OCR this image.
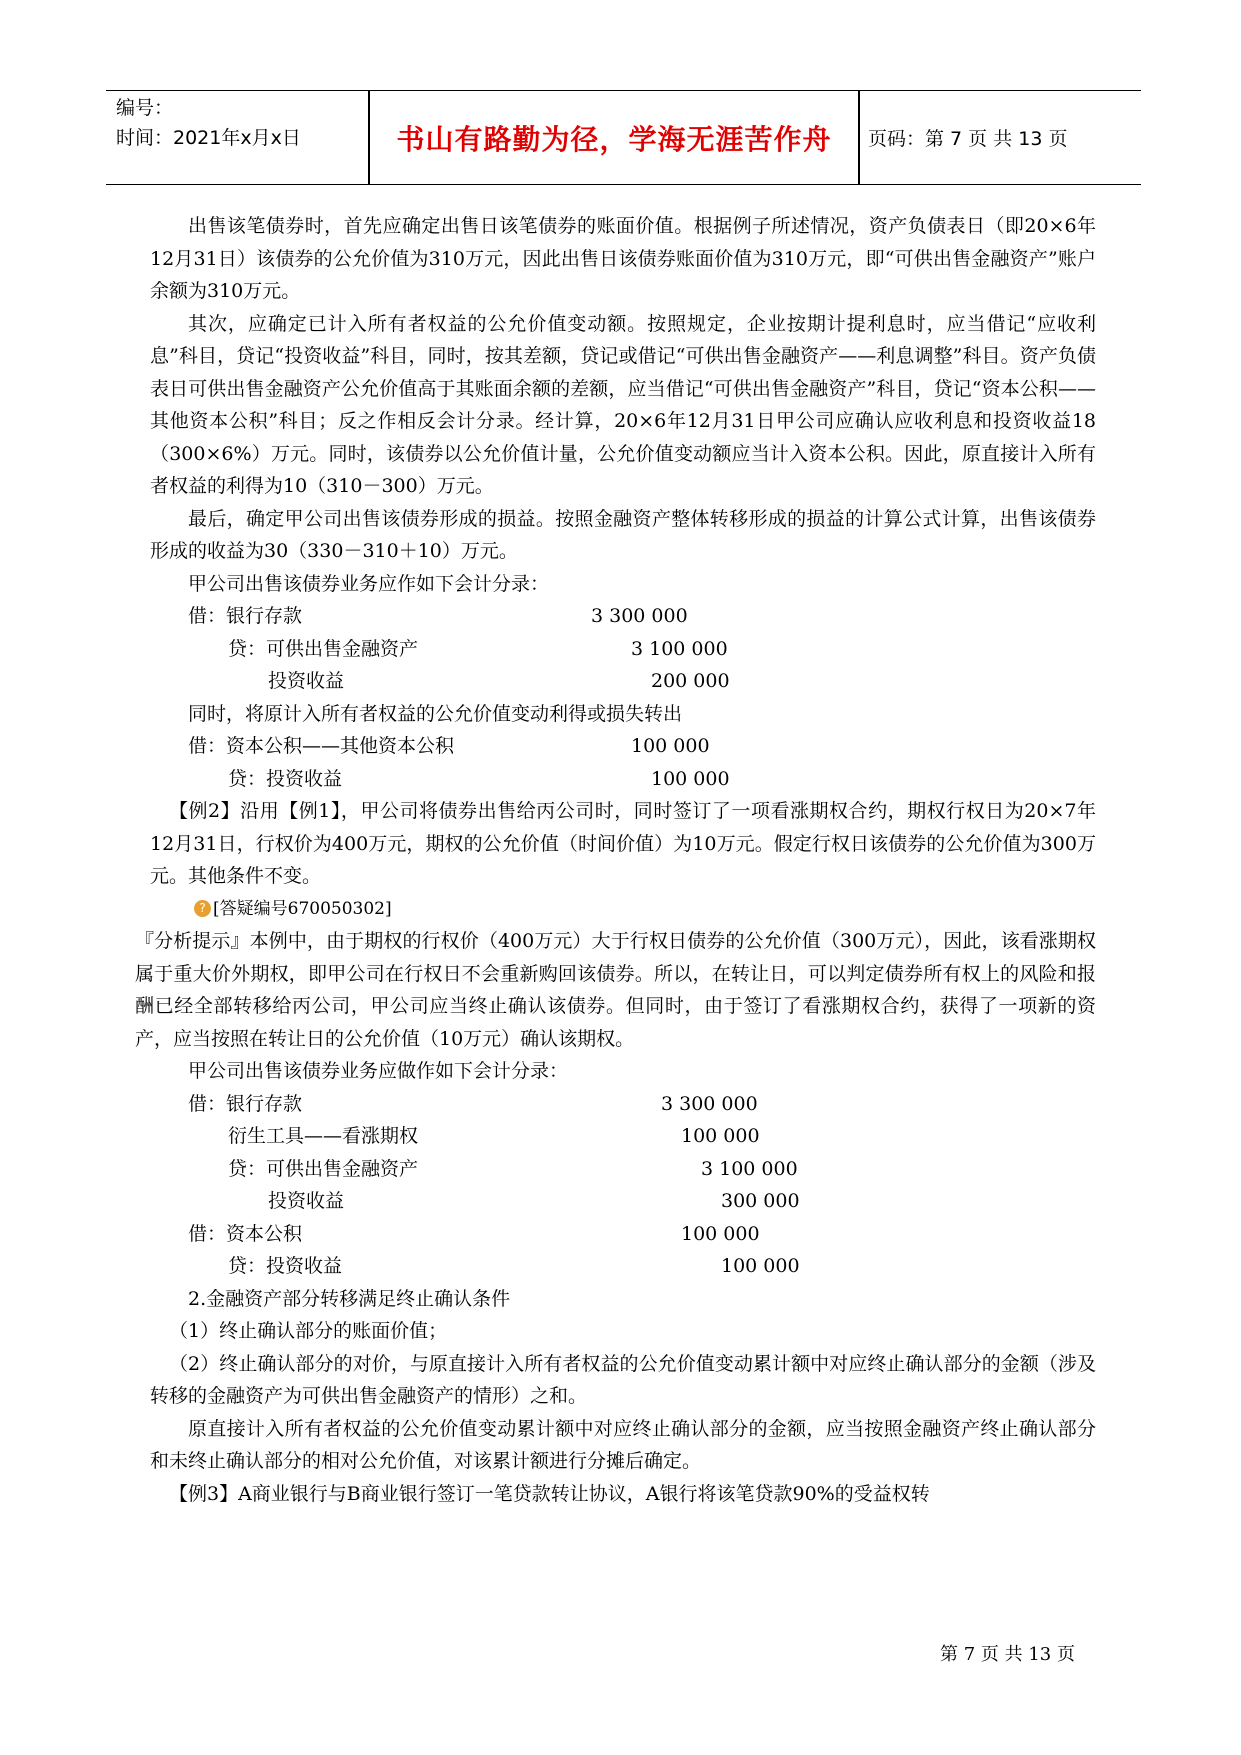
编号：
时间：2021年x月x日	书山有路勤为径，学海无涯苦作舟	页码：第 7 页 共 13 页

出售该笔债券时，首先应确定出售日该笔债券的账面价值。根据例子所述情况，资产负债表日（即20×6年12月31日）该债券的公允价值为310万元，因此出售日该债券账面价值为310万元，即“可供出售金融资产”账户余额为310万元。

其次，应确定已计入所有者权益的公允价值变动额。按照规定，企业按期计提利息时，应当借记“应收利息”科目，贷记“投资收益”科目，同时，按其差额，贷记或借记“可供出售金融资产——利息调整”科目。资产负债表日可供出售金融资产公允价值高于其账面余额的差额，应当借记“可供出售金融资产”科目，贷记“资本公积——其他资本公积”科目；反之作相反会计分录。经计算，20×6年12月31日甲公司应确认应收利息和投资收益18（300×6%）万元。同时，该债券以公允价值计量，公允价值变动额应当计入资本公积。因此，原直接计入所有者权益的利得为10（310－300）万元。

最后，确定甲公司出售该债券形成的损益。按照金融资产整体转移形成的损益的计算公式计算，出售该债券形成的收益为30（330－310＋10）万元。

甲公司出售该债券业务应作如下会计分录：

借：银行存款	3 300 000
贷：可供出售金融资产	3 100 000
投资收益	200 000

同时，将原计入所有者权益的公允价值变动利得或损失转出

借：资本公积——其他资本公积	100 000
贷：投资收益	100 000

【例2】沿用【例1】，甲公司将债券出售给丙公司时，同时签订了一项看涨期权合约，期权行权日为20×7年12月31日，行权价为400万元，期权的公允价值（时间价值）为10万元。假定行权日该债券的公允价值为300万元。其他条件不变。

? [答疑编号670050302]

『分析提示』本例中，由于期权的行权价（400万元）大于行权日债券的公允价值（300万元），因此，该看涨期权属于重大价外期权，即甲公司在行权日不会重新购回该债券。所以，在转让日，可以判定债券所有权上的风险和报酬已经全部转移给丙公司，甲公司应当终止确认该债券。但同时，由于签订了看涨期权合约，获得了一项新的资产，应当按照在转让日的公允价值（10万元）确认该期权。

甲公司出售该债券业务应做作如下会计分录：

借：银行存款	3 300 000
衍生工具——看涨期权	100 000
贷：可供出售金融资产	3 100 000
投资收益	300 000
借：资本公积	100 000
贷：投资收益	100 000

2.金融资产部分转移满足终止确认条件

（1）终止确认部分的账面价值；

（2）终止确认部分的对价，与原直接计入所有者权益的公允价值变动累计额中对应终止确认部分的金额（涉及转移的金融资产为可供出售金融资产的情形）之和。

原直接计入所有者权益的公允价值变动累计额中对应终止确认部分的金额，应当按照金融资产终止确认部分和未终止确认部分的相对公允价值，对该累计额进行分摊后确定。

【例3】A商业银行与B商业银行签订一笔贷款转让协议，A银行将该笔贷款90%的受益权转

第 7 页 共 13 页
